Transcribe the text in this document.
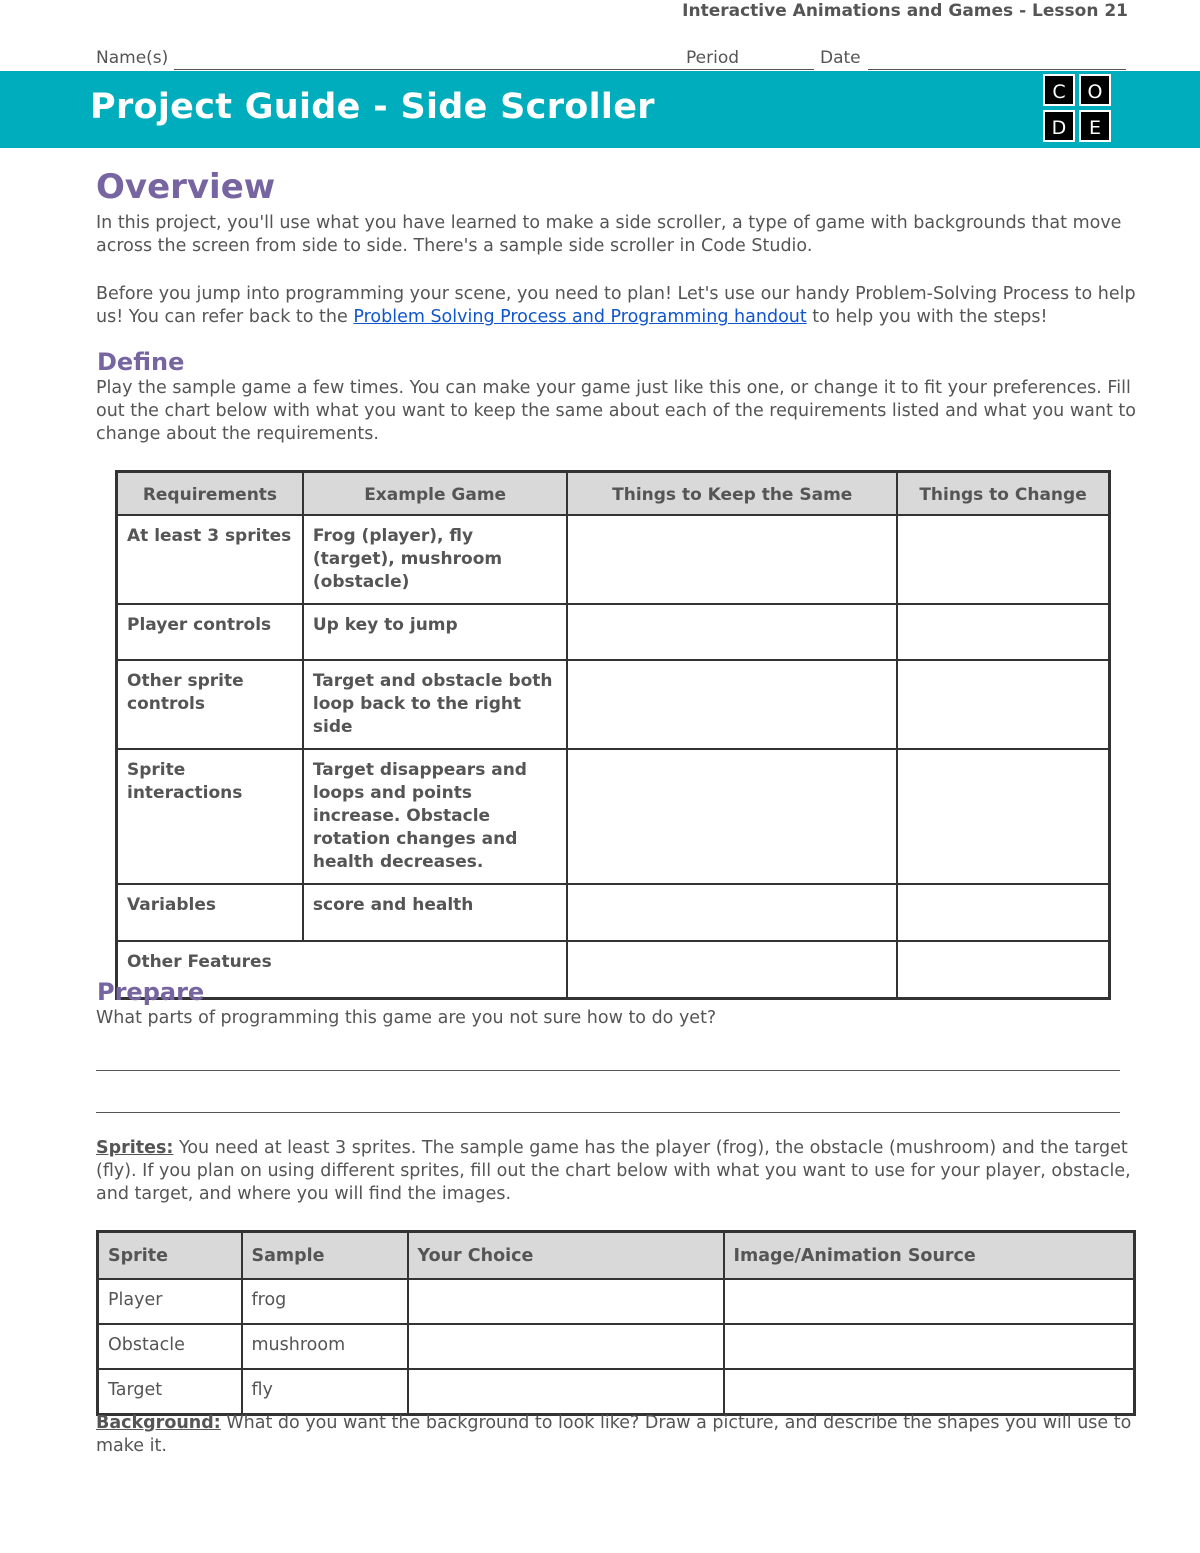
Interactive Animations and Games - Lesson 21
Name(s)	Period	Date
Project Guide - Side Scroller	C	O
D	E
Overview

In this project, you'll use what you have learned to make a side scroller, a type of game with backgrounds that move across the screen from side to side. There's a sample side scroller in Code Studio.

Before you jump into programming your scene, you need to plan! Let's use our handy Problem-Solving Process to help us! You can refer back to the Problem Solving Process and Programming handout to help you with the steps!

Define

Play the sample game a few times. You can make your game just like this one, or change it to fit your preferences. Fill out the chart below with what you want to keep the same about each of the requirements listed and what you want to change about the requirements.

Requirements	Example Game	Things to Keep the Same	Things to Change
At least 3 sprites	Frog (player), fly (target), mushroom (obstacle)		
Player controls	Up key to jump		
Other sprite controls	Target and obstacle both loop back to the right side		
Sprite interactions	Target disappears and loops and points increase. Obstacle rotation changes and health decreases.		
Variables	score and health		
Other Features			
Prepare

What parts of programming this game are you not sure how to do yet?

Sprites: You need at least 3 sprites. The sample game has the player (frog), the obstacle (mushroom) and the target (fly). If you plan on using different sprites, fill out the chart below with what you want to use for your player, obstacle, and target, and where you will find the images.

Sprite	Sample	Your Choice	Image/Animation Source
Player	frog		
Obstacle	mushroom		
Target	fly		

Background: What do you want the background to look like? Draw a picture, and describe the shapes you will use to make it.
